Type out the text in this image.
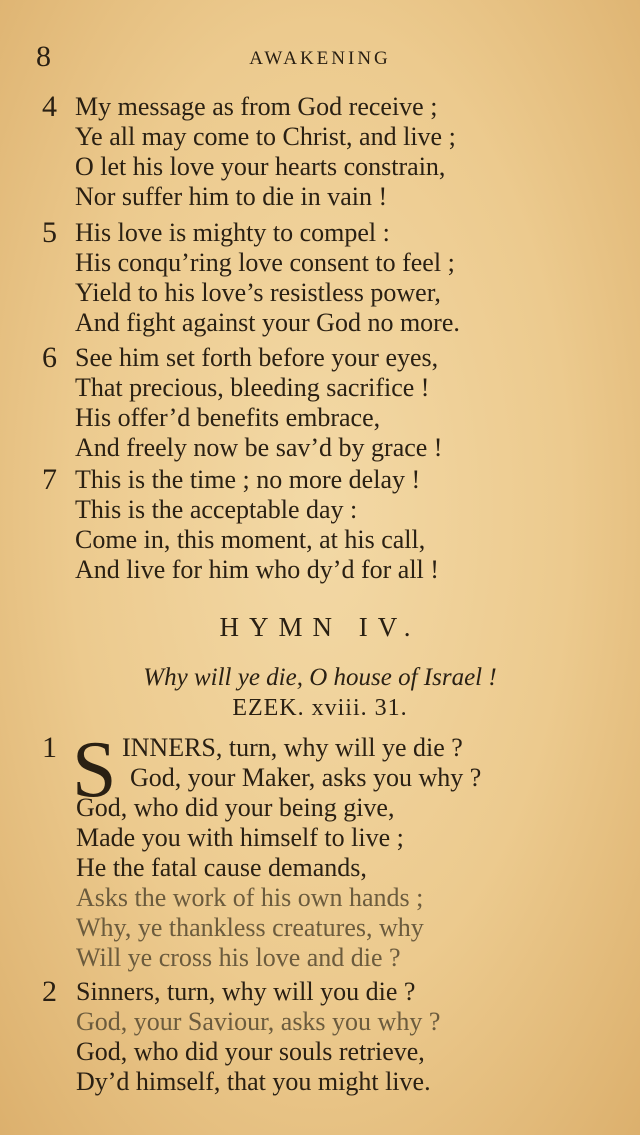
8	AWAKENING
4 My message as from God receive ;
Ye all may come to Christ, and live ;
O let his love your hearts constrain,
Nor suffer him to die in vain !
5 His love is mighty to compel :
His conqu’ring love consent to feel ;
Yield to his love’s resistless power,
And fight against your God no more.
6 See him set forth before your eyes,
That precious, bleeding sacrifice !
His offer’d benefits embrace,
And freely now be sav’d by grace !
7 This is the time ; no more delay !
This is the acceptable day :
Come in, this moment, at his call,
And live for him who dy’d for all !
HYMN IV.
Why will ye die, O house of Israel !
EZEK. xviii. 31.
1 S INNERS, turn, why will ye die ?
God, your Maker, asks you why ?
God, who did your being give,
Made you with himself to live ;
He the fatal cause demands,
Asks the work of his own hands ;
Why, ye thankless creatures, why
Will ye cross his love and die ?
2 Sinners, turn, why will you die ?
God, your Saviour, asks you why ?
God, who did your souls retrieve,
Dy’d himself, that you might live.
